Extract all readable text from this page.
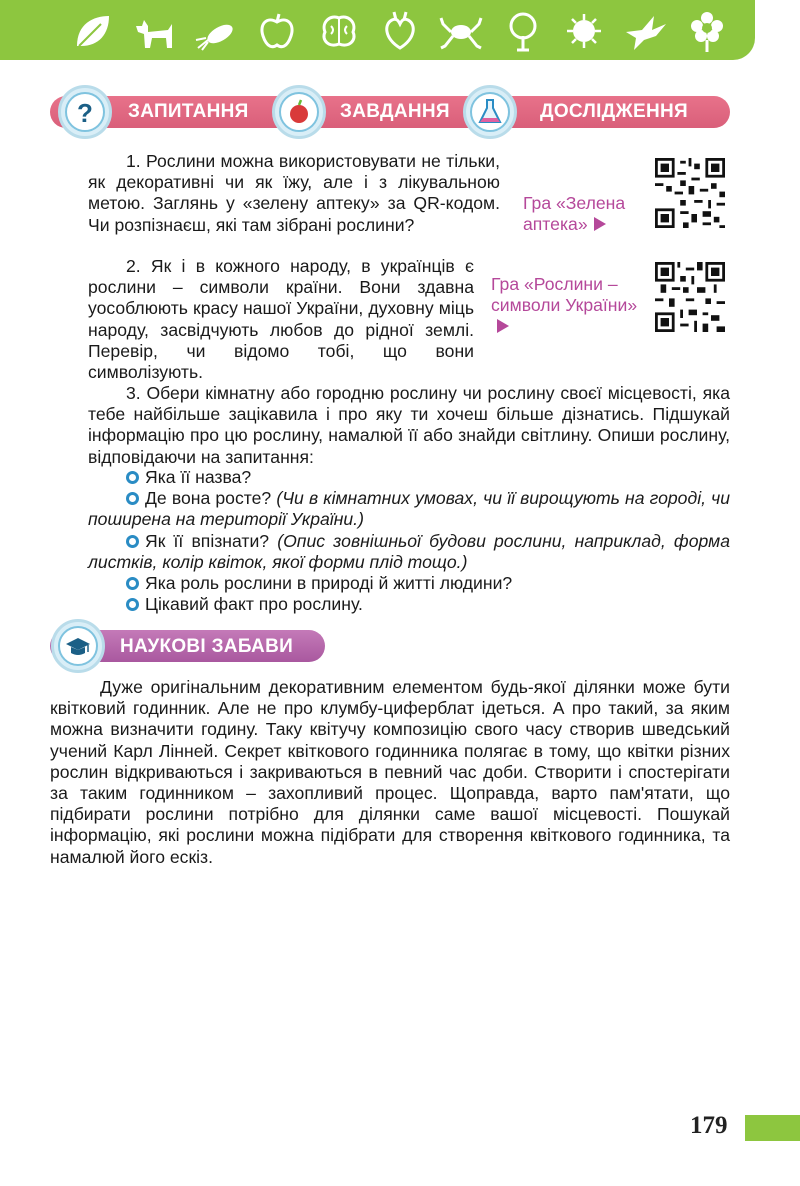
? ЗАПИТАННЯ	ЗАВДАННЯ	ДОСЛІДЖЕННЯ

1. Рослини можна використовувати не тільки, як декоративні чи як їжу, але і з лікувальною метою. Заглянь у «зелену аптеку» за QR-кодом. Чи розпізнаєш, які там зібрані рослини?

Гра «Зелена аптека»

2. Як і в кожного народу, в українців є рослини – символи країни. Вони здавна уособлюють красу нашої України, духовну міць народу, засвідчують любов до рідної землі. Перевір, чи відомо тобі, що вони символізують.

Гра «Рослини – символи України»

3. Обери кімнатну або городню рослину чи рослину своєї місцевості, яка тебе найбільше зацікавила і про яку ти хочеш більше дізнатись. Підшукай інформацію про цю рослину, намалюй її або знайди світлину. Опиши рослину, відповідаючи на запитання:

Яка її назва?
Де вона росте? (Чи в кімнатних умовах, чи її вирощують на городі, чи поширена на території України.)
Як її впізнати? (Опис зовнішньої будови рослини, наприклад, форма листків, колір квіток, якої форми плід тощо.)
Яка роль рослини в природі й житті людини?
Цікавий факт про рослину.
НАУКОВІ ЗАБАВИ

Дуже оригінальним декоративним елементом будь-якої ділянки може бути квітковий годинник. Але не про клумбу-циферблат ідеться. А про такий, за яким можна визначити годину. Таку квітучу композицію свого часу створив шведський учений Карл Лінней. Секрет квіткового годинника полягає в тому, що квітки різних рослин відкриваються і закриваються в певний час доби. Створити і спостерігати за таким годинником – захопливий процес. Щоправда, варто пам'ятати, що підбирати рослини потрібно для ділянки саме вашої місцевості. Пошукай інформацію, які рослини можна підібрати для створення квіткового годинника, та намалюй його ескіз.

179
